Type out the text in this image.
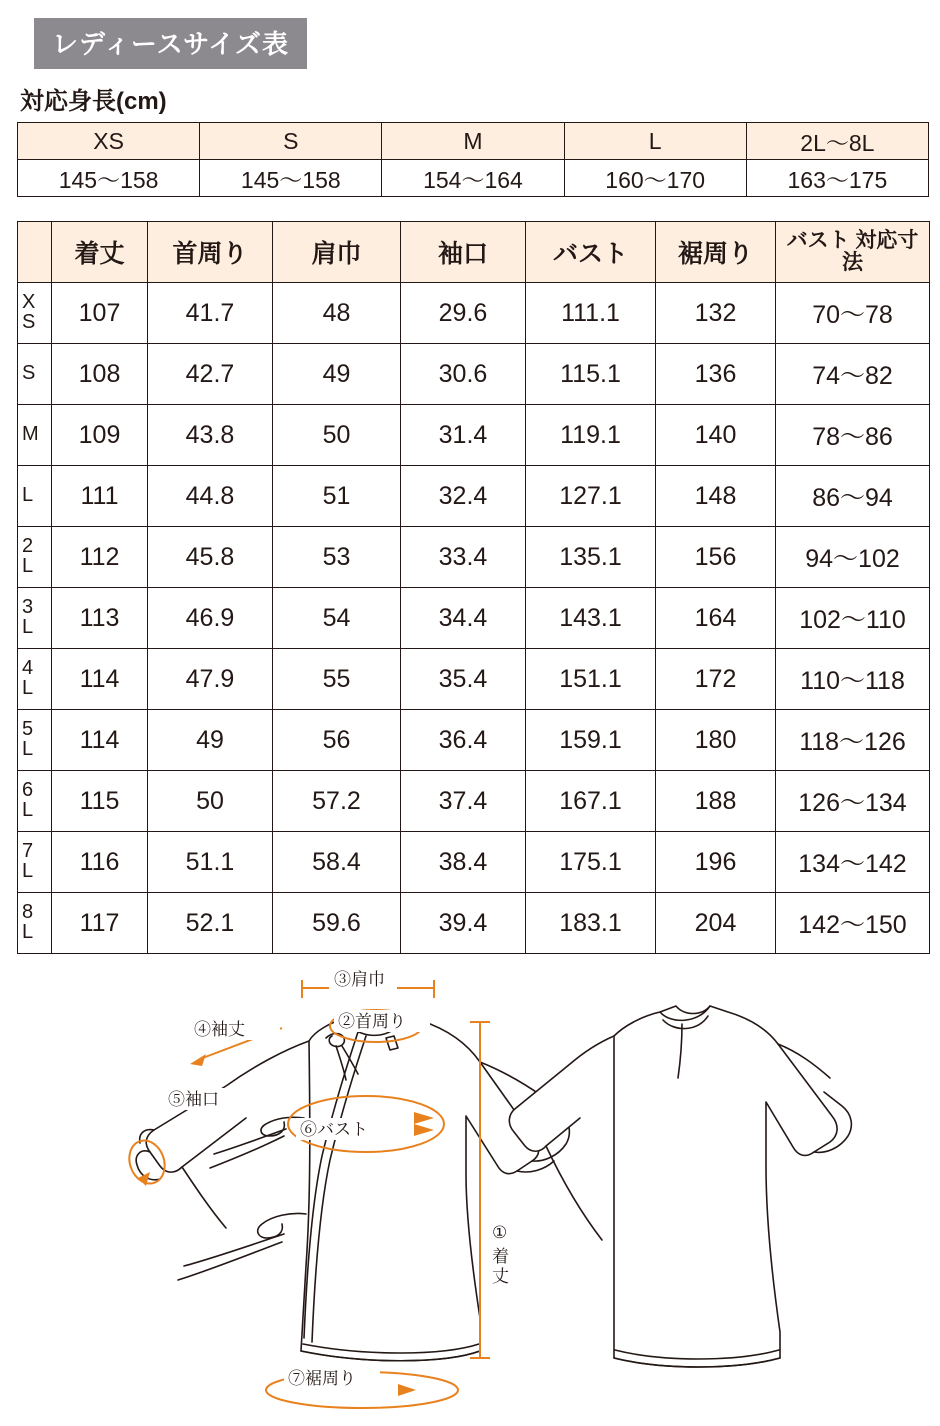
レディースサイズ表
対応身長(cm)
XS	S	M	L	2L〜8L
145〜158	145〜158	154〜164	160〜170	163〜175
	着丈	首周り	肩巾	袖口	バスト	裾周り	バスト 対応寸法

X
S	107	41.7	48	29.6	111.1	132	70〜78

S	108	42.7	49	30.6	115.1	136	74〜82

M	109	43.8	50	31.4	119.1	140	78〜86

L	111	44.8	51	32.4	127.1	148	86〜94

2
L	112	45.8	53	33.4	135.1	156	94〜102

3
L	113	46.9	54	34.4	143.1	164	102〜110

4
L	114	47.9	55	35.4	151.1	172	110〜118

5
L	114	49	56	36.4	159.1	180	118〜126

6
L	115	50	57.2	37.4	167.1	188	126〜134

7
L	116	51.1	58.4	38.4	175.1	196	134〜142

8
L	117	52.1	59.6	39.4	183.1	204	142〜150
③肩巾
②首周り
④袖丈
⑤袖口
⑥バスト
①
着
丈
⑦裾周り
